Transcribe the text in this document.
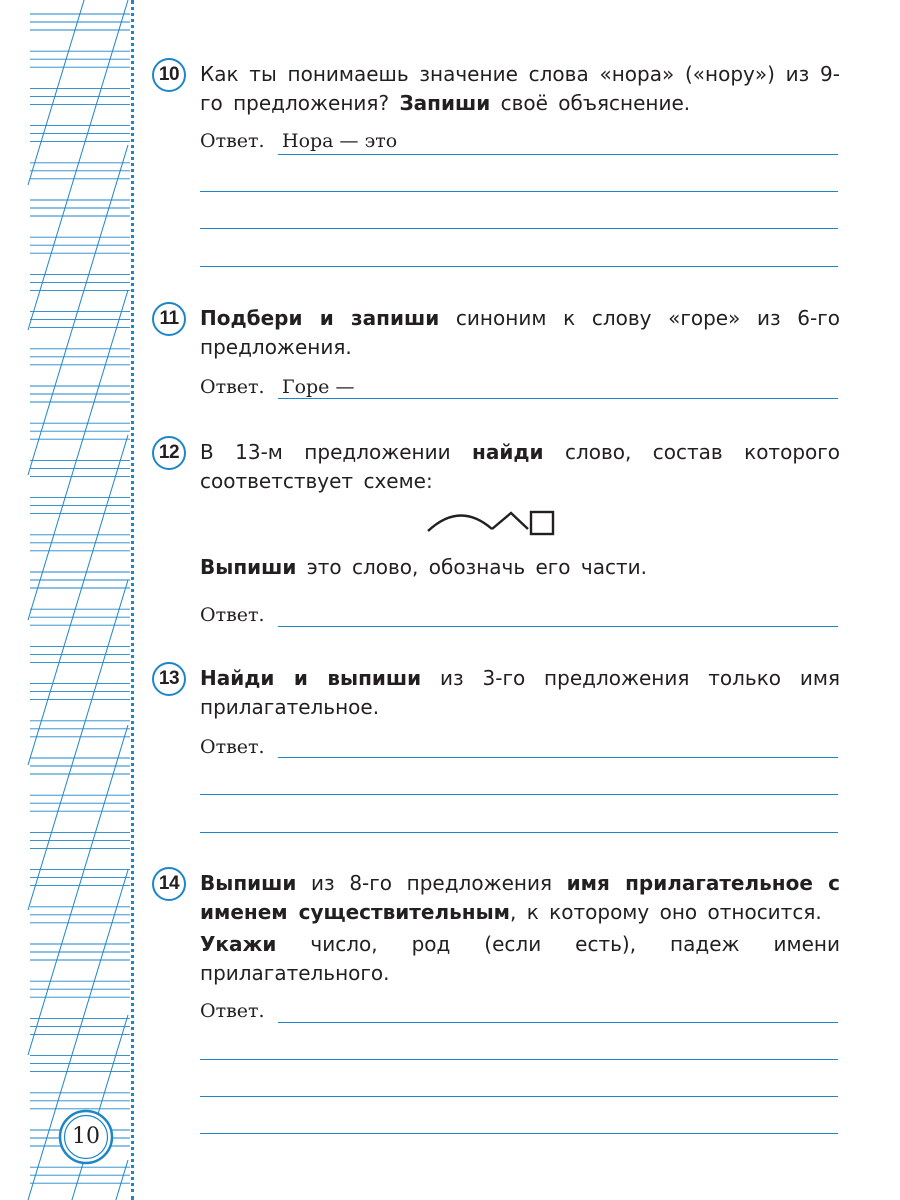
10	Как ты понимаешь значение слова «нора» («нору») из 9-го предложения? Запиши своё объяснение.
Ответ. Нора — это
11	Подбери и запиши синоним к слову «горе» из 6-го предложения.
Ответ. Горе —
12	В 13-м предложении найди слово, состав которого соответствует схеме:
Выпиши это слово, обозначь его части.
Ответ.
13	Найди и выпиши из 3-го предложения только имя прилагательное.
Ответ.
14	Выпиши из 8-го предложения имя прилагательное с именем существительным, к которому оно относится.
Укажи число, род (если есть), падеж имени прилагательного.
Ответ.
10
